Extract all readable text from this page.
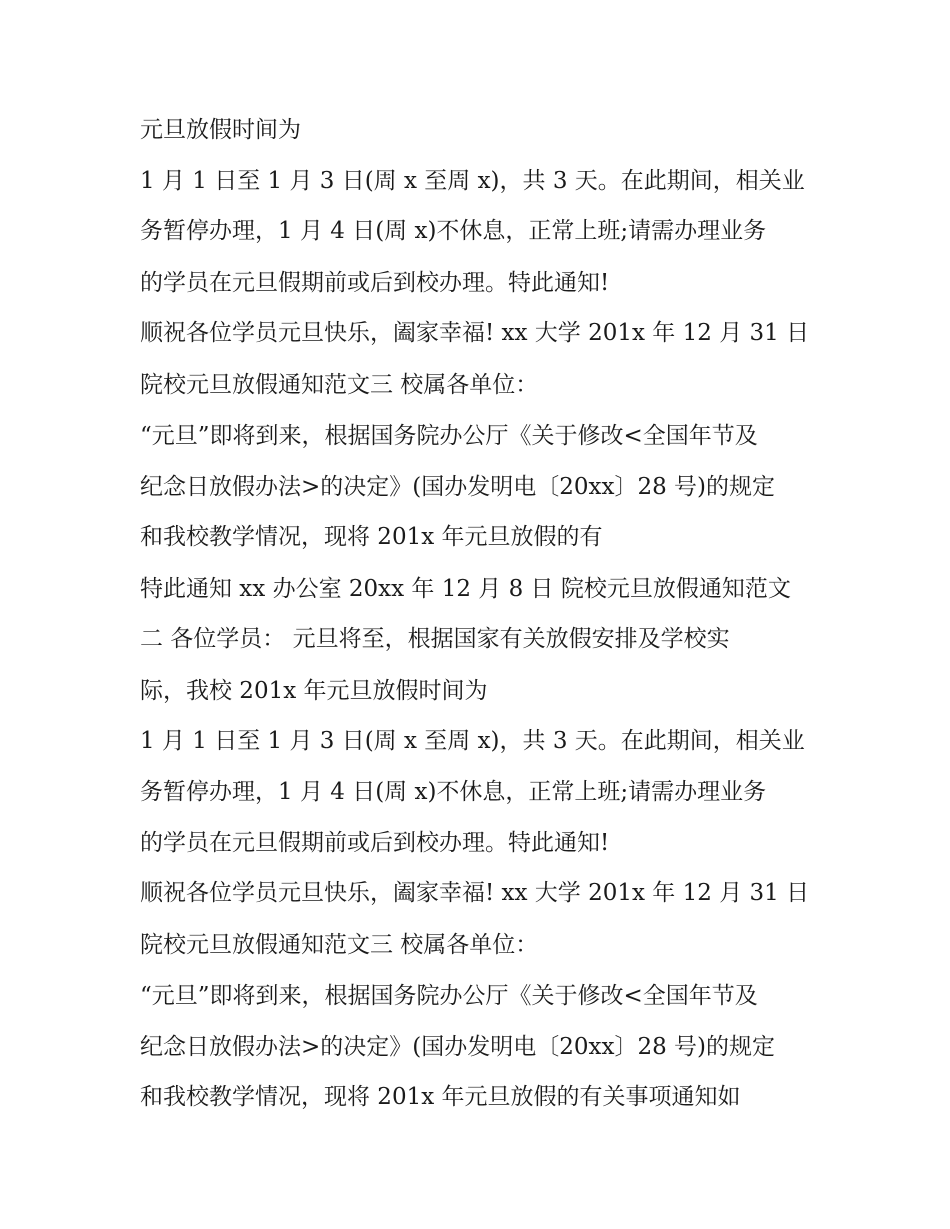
元旦放假时间为
1 月 1 日至 1 月 3 日(周 x 至周 x)，共 3 天。在此期间，相关业
务暂停办理，1 月 4 日(周 x)不休息，正常上班;请需办理业务
的学员在元旦假期前或后到校办理。特此通知!
顺祝各位学员元旦快乐，阖家幸福! xx 大学 201x 年 12 月 31 日
院校元旦放假通知范文三 校属各单位：
“元旦”即将到来，根据国务院办公厅《关于修改<全国年节及
纪念日放假办法>的决定》(国办发明电〔20xx〕28 号)的规定
和我校教学情况，现将 201x 年元旦放假的有
特此通知 xx 办公室 20xx 年 12 月 8 日 院校元旦放假通知范文
二 各位学员： 元旦将至，根据国家有关放假安排及学校实
际，我校 201x 年元旦放假时间为
1 月 1 日至 1 月 3 日(周 x 至周 x)，共 3 天。在此期间，相关业
务暂停办理，1 月 4 日(周 x)不休息，正常上班;请需办理业务
的学员在元旦假期前或后到校办理。特此通知!
顺祝各位学员元旦快乐，阖家幸福! xx 大学 201x 年 12 月 31 日
院校元旦放假通知范文三 校属各单位：
“元旦”即将到来，根据国务院办公厅《关于修改<全国年节及
纪念日放假办法>的决定》(国办发明电〔20xx〕28 号)的规定
和我校教学情况，现将 201x 年元旦放假的有关事项通知如
